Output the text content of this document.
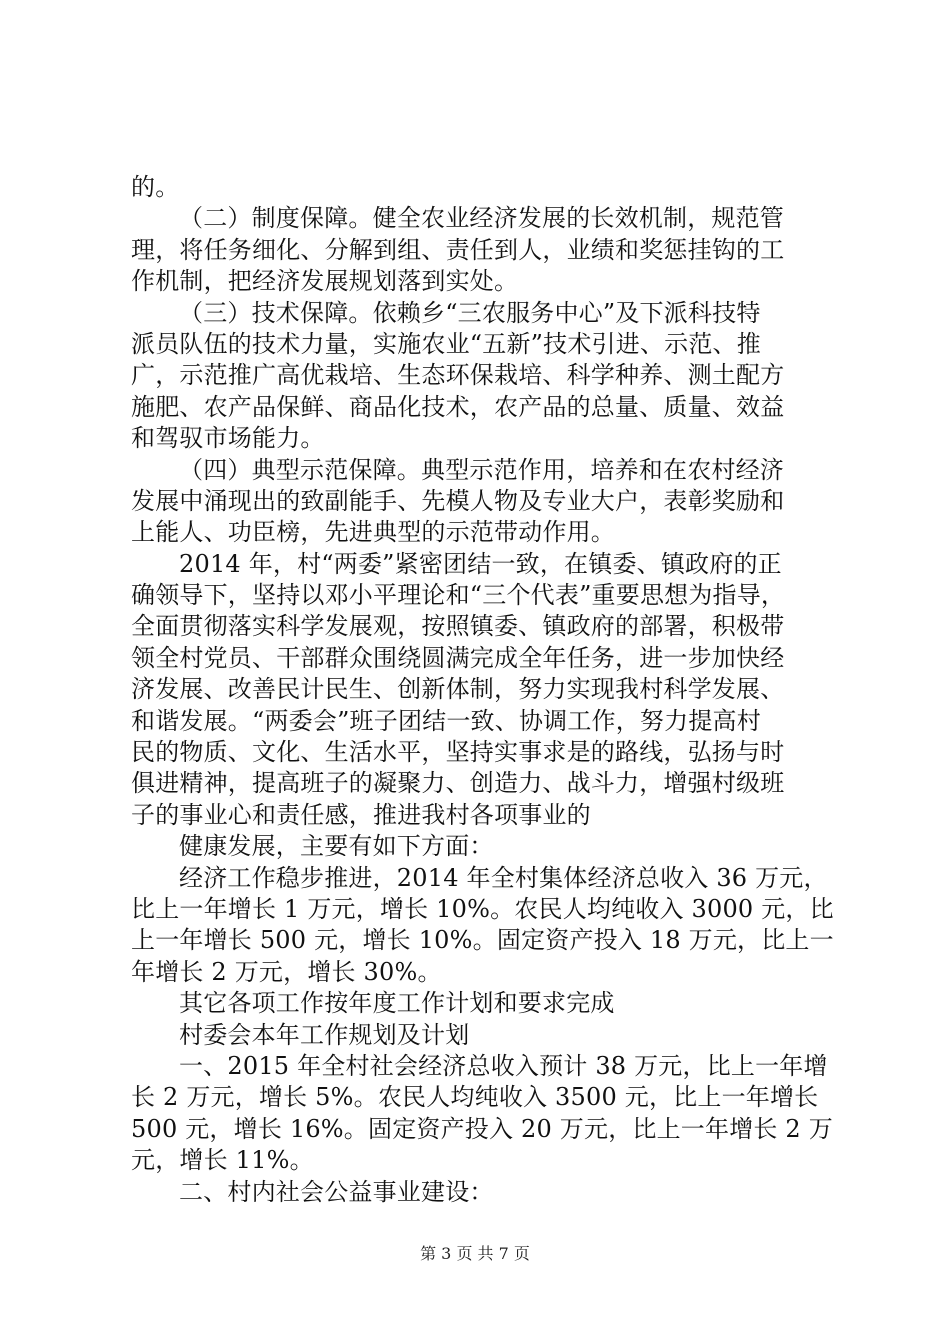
的。
（二）制度保障。健全农业经济发展的长效机制，规范管
理，将任务细化、分解到组、责任到人，业绩和奖惩挂钩的工
作机制，把经济发展规划落到实处。
（三）技术保障。依赖乡“三农服务中心”及下派科技特
派员队伍的技术力量，实施农业“五新”技术引进、示范、推
广，示范推广高优栽培、生态环保栽培、科学种养、测土配方
施肥、农产品保鲜、商品化技术，农产品的总量、质量、效益
和驾驭市场能力。
（四）典型示范保障。典型示范作用，培养和在农村经济
发展中涌现出的致副能手、先模人物及专业大户，表彰奖励和
上能人、功臣榜，先进典型的示范带动作用。
2014 年，村“两委”紧密团结一致，在镇委、镇政府的正
确领导下，坚持以邓小平理论和“三个代表”重要思想为指导，
全面贯彻落实科学发展观，按照镇委、镇政府的部署，积极带
领全村党员、干部群众围绕圆满完成全年任务，进一步加快经
济发展、改善民计民生、创新体制，努力实现我村科学发展、
和谐发展。“两委会”班子团结一致、协调工作，努力提高村
民的物质、文化、生活水平，坚持实事求是的路线，弘扬与时
俱进精神，提高班子的凝聚力、创造力、战斗力，增强村级班
子的事业心和责任感，推进我村各项事业的
健康发展，主要有如下方面：
经济工作稳步推进，2014 年全村集体经济总收入 36 万元，
比上一年增长 1 万元，增长 10%。农民人均纯收入 3000 元，比
上一年增长 500 元，增长 10%。固定资产投入 18 万元，比上一
年增长 2 万元，增长 30%。
其它各项工作按年度工作计划和要求完成
村委会本年工作规划及计划
一、2015 年全村社会经济总收入预计 38 万元，比上一年增
长 2 万元，增长 5%。农民人均纯收入 3500 元，比上一年增长
500 元，增长 16%。固定资产投入 20 万元，比上一年增长 2 万
元，增长 11%。
二、村内社会公益事业建设：
第 3 页 共 7 页
